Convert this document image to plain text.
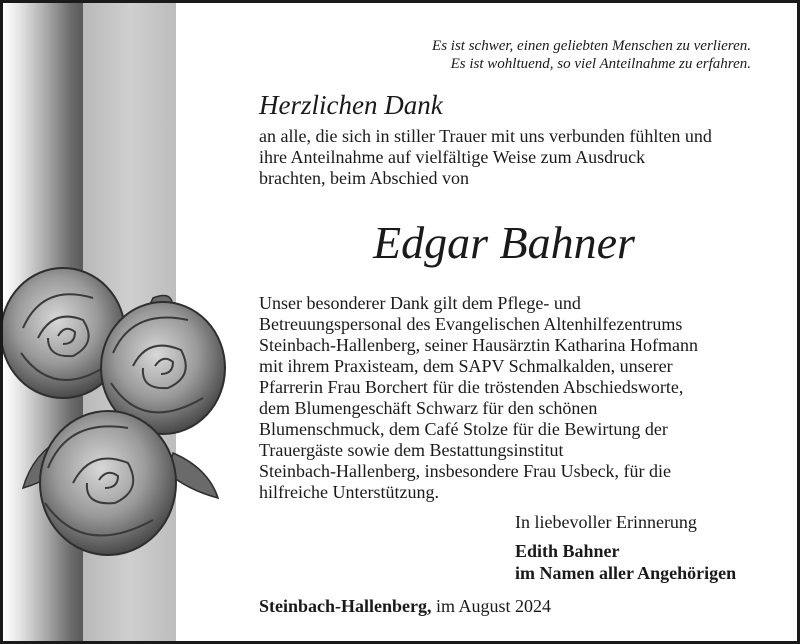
Es ist schwer, einen geliebten Menschen zu verlieren.
Es ist wohltuend, so viel Anteilnahme zu erfahren.
Herzlichen Dank
an alle, die sich in stiller Trauer mit uns verbunden fühlten und
ihre Anteilnahme auf vielfältige Weise zum Ausdruck
brachten, beim Abschied von
Edgar Bahner
Unser besonderer Dank gilt dem Pflege- und
Betreuungspersonal des Evangelischen Altenhilfezentrums
Steinbach-Hallenberg, seiner Hausärztin Katharina Hofmann
mit ihrem Praxisteam, dem SAPV Schmalkalden, unserer
Pfarrerin Frau Borchert für die tröstenden Abschiedsworte,
dem Blumengeschäft Schwarz für den schönen
Blumenschmuck, dem Café Stolze für die Bewirtung der
Trauergäste sowie dem Bestattungsinstitut
Steinbach-Hallenberg, insbesondere Frau Usbeck, für die
hilfreiche Unterstützung.
In liebevoller Erinnerung
Edith Bahner
im Namen aller Angehörigen
Steinbach-Hallenberg, im August 2024
